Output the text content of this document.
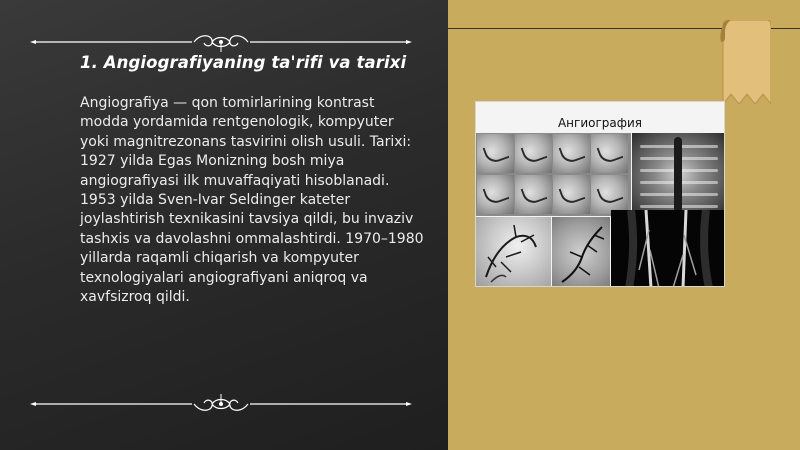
1. Angiografiyaning ta'rifi va tarixi

Angiografiya — qon tomirlarining kontrast modda yordamida rentgenologik, kompyuter yoki magnitrezonans tasvirini olish usuli. Tarixi: 1927 yilda Egas Monizning bosh miya angiografiyasi ilk muvaffaqiyati hisoblanadi. 1953 yilda Sven-Ivar Seldinger kateter joylashtirish texnikasini tavsiya qildi, bu invaziv tashxis va davolashni ommalashtirdi. 1970–1980 yillarda raqamli chiqarish va kompyuter texnologiyalari angiografiyani aniqroq va xavfsizroq qildi.

Ангиография
